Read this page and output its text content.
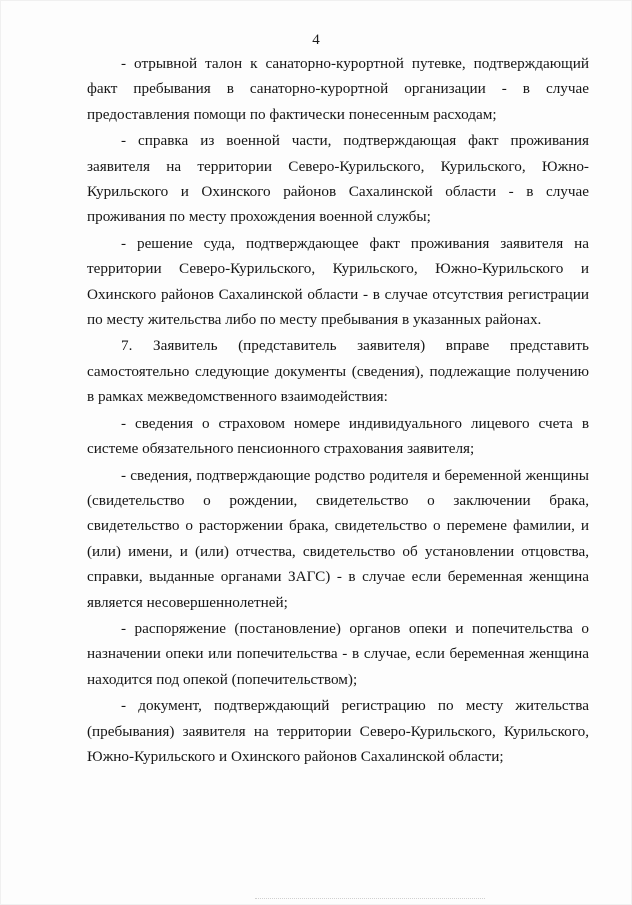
4

- отрывной талон к санаторно-курортной путевке, подтверждающий факт пребывания в санаторно-курортной организации - в случае предоставления помощи по фактически понесенным расходам;

- справка из военной части, подтверждающая факт проживания заявителя на территории Северо-Курильского, Курильского, Южно-Курильского и Охинского районов Сахалинской области - в случае проживания по месту прохождения военной службы;

- решение суда, подтверждающее факт проживания заявителя на территории Северо-Курильского, Курильского, Южно-Курильского и Охинского районов Сахалинской области - в случае отсутствия регистрации по месту жительства либо по месту пребывания в указанных районах.

7. Заявитель (представитель заявителя) вправе представить самостоятельно следующие документы (сведения), подлежащие получению в рамках межведомственного взаимодействия:

- сведения о страховом номере индивидуального лицевого счета в системе обязательного пенсионного страхования заявителя;

- сведения, подтверждающие родство родителя и беременной женщины (свидетельство о рождении, свидетельство о заключении брака, свидетельство о расторжении брака, свидетельство о перемене фамилии, и (или) имени, и (или) отчества, свидетельство об установлении отцовства, справки, выданные органами ЗАГС) - в случае если беременная женщина является несовершеннолетней;

- распоряжение (постановление) органов опеки и попечительства о назначении опеки или попечительства - в случае, если беременная женщина находится под опекой (попечительством);

- документ, подтверждающий регистрацию по месту жительства (пребывания) заявителя на территории Северо-Курильского, Курильского, Южно-Курильского и Охинского районов Сахалинской области;
